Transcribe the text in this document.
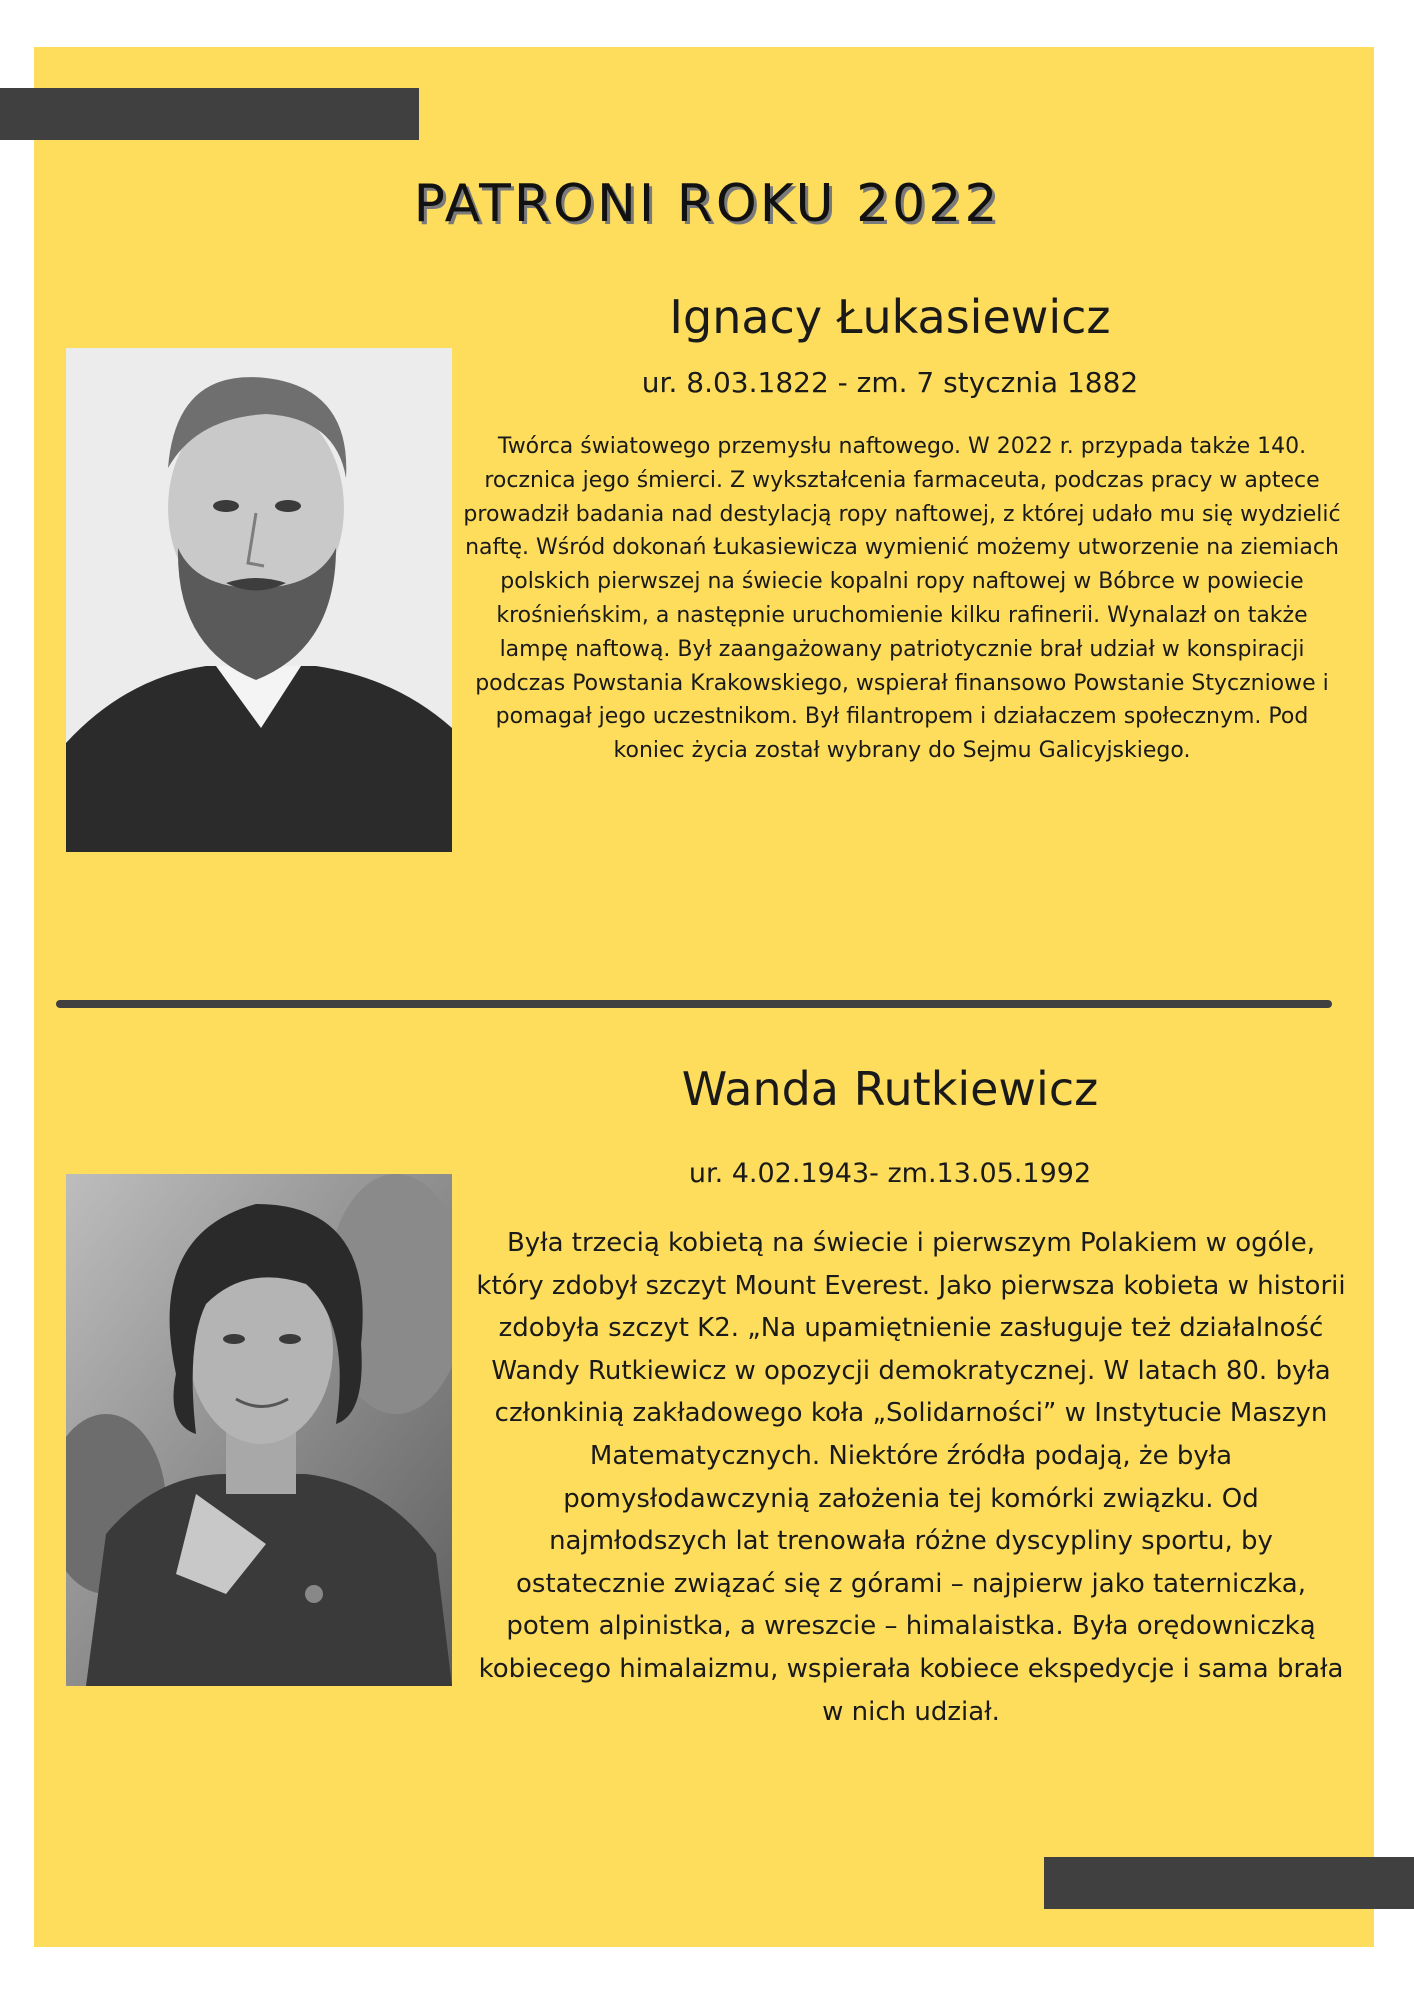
PATRONI ROKU 2022
Ignacy Łukasiewicz

ur. 8.03.1822 - zm. 7 stycznia 1882

Twórca światowego przemysłu naftowego. W 2022 r. przypada także 140. rocznica jego śmierci. Z wykształcenia farmaceuta, podczas pracy w aptece prowadził badania nad destylacją ropy naftowej, z której udało mu się wydzielić naftę. Wśród dokonań Łukasiewicza wymienić możemy utworzenie na ziemiach polskich pierwszej na świecie kopalni ropy naftowej w Bóbrce w powiecie krośnieńskim, a następnie uruchomienie kilku rafinerii. Wynalazł on także lampę naftową. Był zaangażowany patriotycznie brał udział w konspiracji podczas Powstania Krakowskiego, wspierał finansowo Powstanie Styczniowe i pomagał jego uczestnikom. Był filantropem i działaczem społecznym. Pod koniec życia został wybrany do Sejmu Galicyjskiego.

Wanda Rutkiewicz

ur. 4.02.1943- zm.13.05.1992

Była trzecią kobietą na świecie i pierwszym Polakiem w ogóle, który zdobył szczyt Mount Everest. Jako pierwsza kobieta w historii zdobyła szczyt K2. „Na upamiętnienie zasługuje też działalność Wandy Rutkiewicz w opozycji demokratycznej. W latach 80. była członkinią zakładowego koła „Solidarności” w Instytucie Maszyn Matematycznych. Niektóre źródła podają, że była pomysłodawczynią założenia tej komórki związku. Od najmłodszych lat trenowała różne dyscypliny sportu, by ostatecznie związać się z górami – najpierw jako taterniczka, potem alpinistka, a wreszcie – himalaistka. Była orędowniczką kobiecego himalaizmu, wspierała kobiece ekspedycje i sama brała w nich udział.
